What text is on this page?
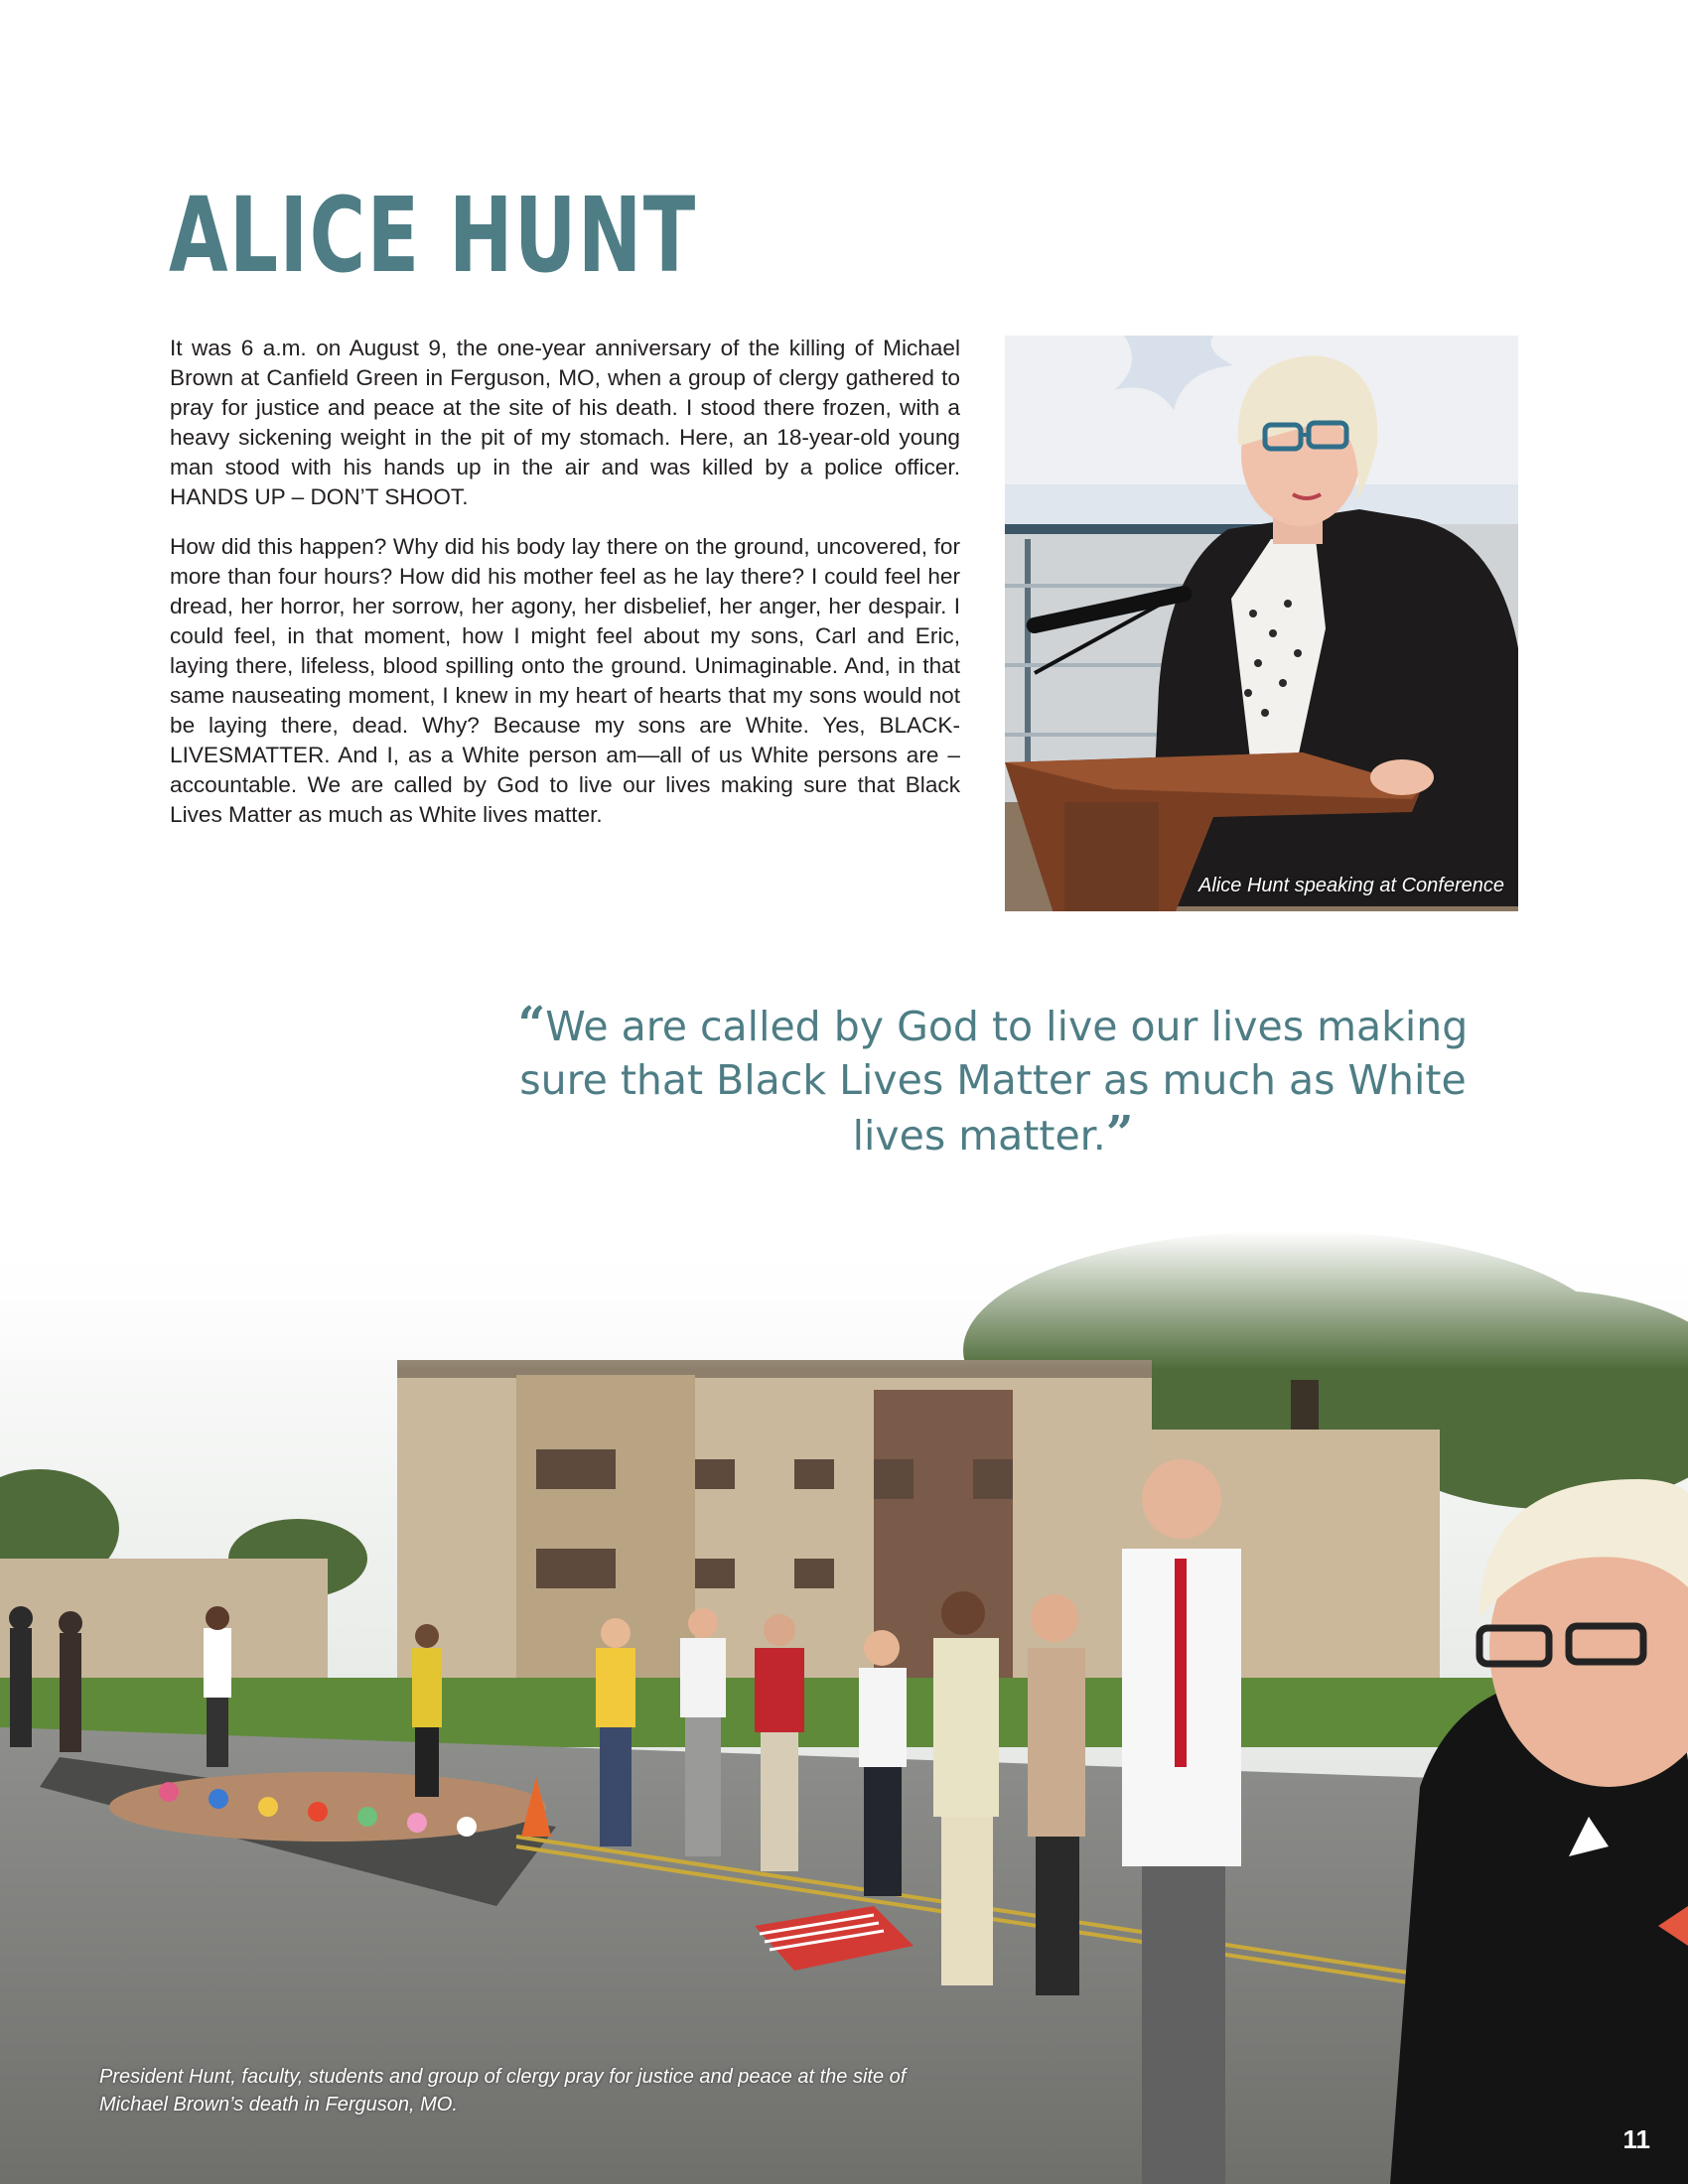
ALICE HUNT

It was 6 a.m. on August 9, the one-year anniversary of the killing of Michael Brown at Canfield Green in Ferguson, MO, when a group of clergy gathered to pray for justice and peace at the site of his death. I stood there frozen, with a heavy sickening weight in the pit of my stomach. Here, an 18-year-old young man stood with his hands up in the air and was killed by a police officer. HANDS UP – DON’T SHOOT.

How did this happen? Why did his body lay there on the ground, uncovered, for more than four hours? How did his mother feel as he lay there? I could feel her dread, her horror, her sorrow, her agony, her disbelief, her anger, her despair. I could feel, in that moment, how I might feel about my sons, Carl and Eric, laying there, lifeless, blood spilling onto the ground. Unimaginable. And, in that same nauseating moment, I knew in my heart of hearts that my sons would not be laying there, dead. Why? Because my sons are White. Yes, BLACK-LIVESMATTER. And I, as a White person am—all of us White persons are – accountable. We are called by God to live our lives making sure that Black Lives Matter as much as White lives matter.

Alice Hunt speaking at Conference

“We are called by God to live our lives making sure that Black Lives Matter as much as White lives matter.”

President Hunt, faculty, students and group of clergy pray for justice and peace at the site of Michael Brown’s death in Ferguson, MO.
11
